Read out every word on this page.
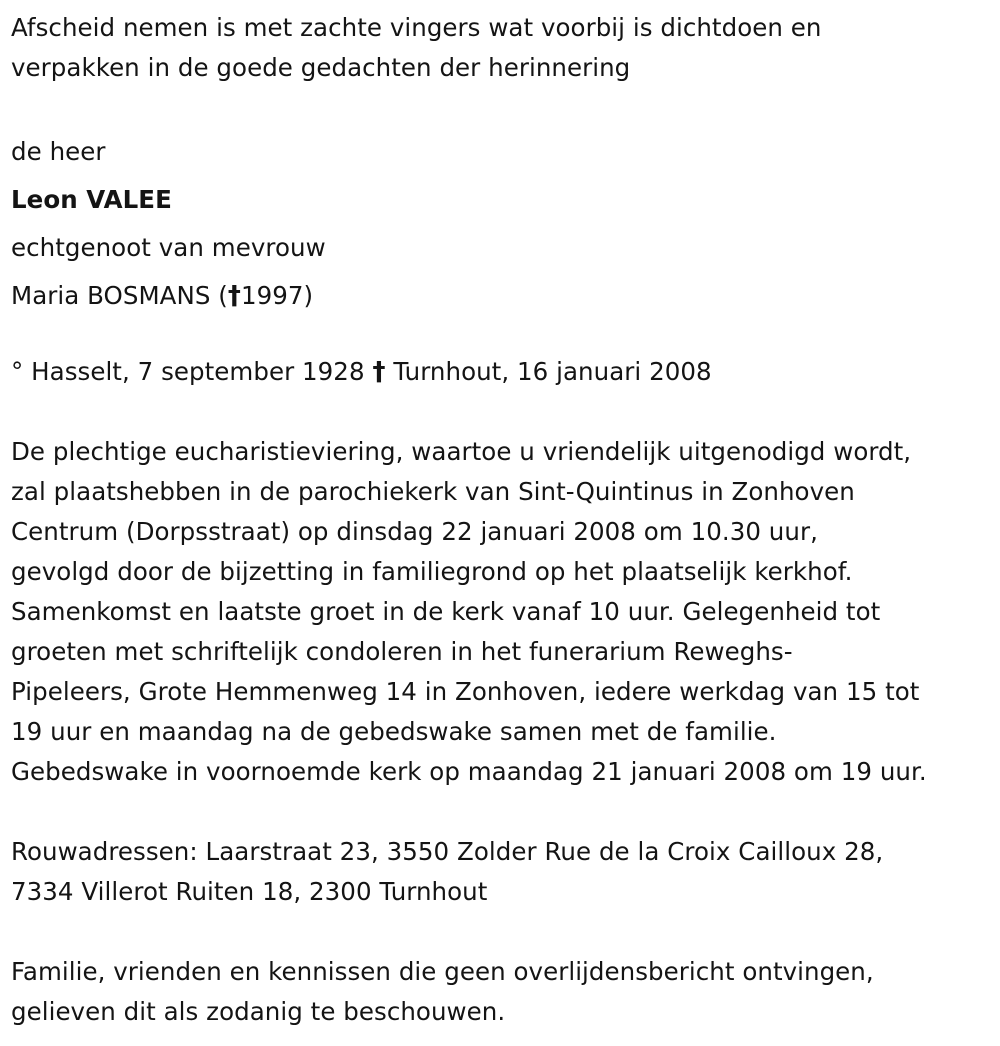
Afscheid nemen is met zachte vingers wat voorbij is dichtdoen en
verpakken in de goede gedachten der herinnering
de heer
Leon VALEE
echtgenoot van mevrouw
Maria BOSMANS (†1997)
° Hasselt, 7 september 1928 † Turnhout, 16 januari 2008
De plechtige eucharistieviering, waartoe u vriendelijk uitgenodigd wordt,
zal plaatshebben in de parochiekerk van Sint-Quintinus in Zonhoven
Centrum (Dorpsstraat) op dinsdag 22 januari 2008 om 10.30 uur,
gevolgd door de bijzetting in familiegrond op het plaatselijk kerkhof.
Samenkomst en laatste groet in de kerk vanaf 10 uur. Gelegenheid tot
groeten met schriftelijk condoleren in het funerarium Reweghs-
Pipeleers, Grote Hemmenweg 14 in Zonhoven, iedere werkdag van 15 tot
19 uur en maandag na de gebedswake samen met de familie.
Gebedswake in voornoemde kerk op maandag 21 januari 2008 om 19 uur.
Rouwadressen: Laarstraat 23, 3550 Zolder Rue de la Croix Cailloux 28,
7334 Villerot Ruiten 18, 2300 Turnhout
Familie, vrienden en kennissen die geen overlijdensbericht ontvingen,
gelieven dit als zodanig te beschouwen.
